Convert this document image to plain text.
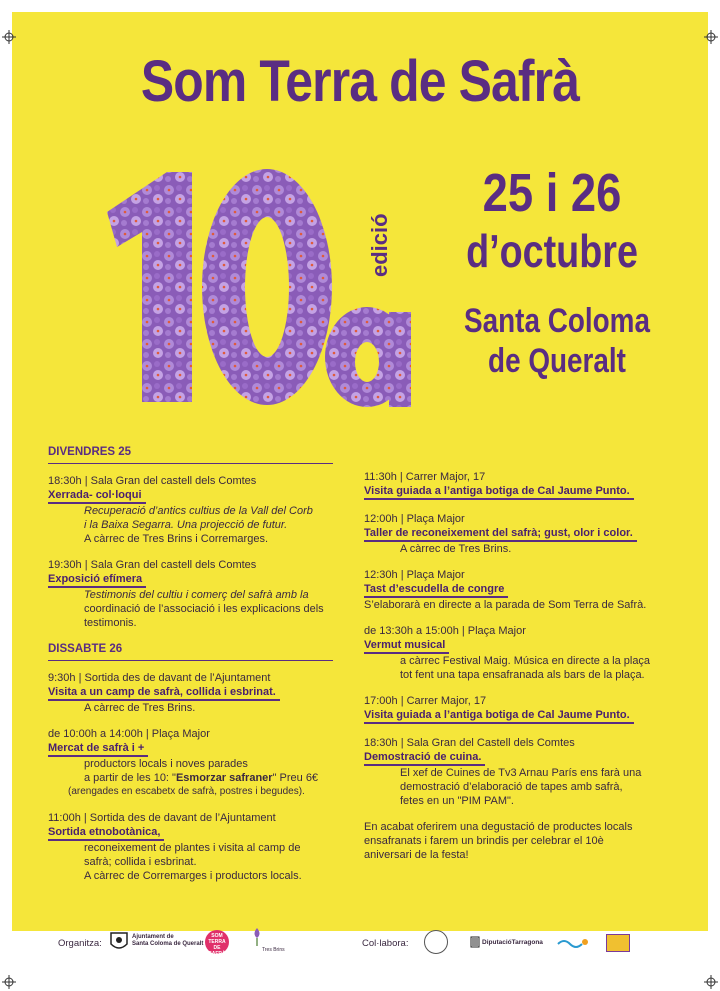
Som Terra de Safrà
edició
25 i 26
d’octubre
Santa Coloma
de Queralt
DIVENDRES 25
18:30h | Sala Gran del castell dels Comtes
Xerrada- col·loqui
Recuperació d’antics cultius de la Vall del Corb
i la Baixa Segarra. Una projecció de futur.
A càrrec de Tres Brins i Corremarges.
19:30h | Sala Gran del castell dels Comtes
Exposició efímera
Testimonis del cultiu i comerç del safrà amb la
coordinació de l’associació i les explicacions dels
testimonis.
DISSABTE 26
9:30h | Sortida des de davant de l’Ajuntament
Visita a un camp de safrà, collida i esbrinat.
A càrrec de Tres Brins.
de 10:00h a 14:00h | Plaça Major
Mercat de safrà i +
productors locals i noves parades
a partir de les 10: "Esmorzar safraner" Preu 6€
(arengades en escabetx de safrà, postres i begudes).
11:00h | Sortida des de davant de l’Ajuntament
Sortida etnobotànica,
reconeixement de plantes i visita al camp de
safrà; collida i esbrinat.
A càrrec de Corremarges i productors locals.
11:30h | Carrer Major, 17
Visita guiada a l’antiga botiga de Cal Jaume Punto.
12:00h | Plaça Major
Taller de reconeixement del safrà; gust, olor i color.
A càrrec de Tres Brins.
12:30h | Plaça Major
Tast d’escudella de congre
S’elaborarà en directe a la parada de Som Terra de Safrà.
de 13:30h a 15:00h | Plaça Major
Vermut musical
a càrrec Festival Maig. Música en directe a la plaça
tot fent una tapa ensafranada als bars de la plaça.
17:00h | Carrer Major, 17
Visita guiada a l’antiga botiga de Cal Jaume Punto.
18:30h | Sala Gran del Castell dels Comtes
Demostració de cuina.
El xef de Cuines de Tv3 Arnau París ens farà una
demostració d’elaboració de tapes amb safrà,
fetes en un "PIM PAM".
En acabat oferirem una degustació de productes locals
ensafranats i farem un brindis per celebrar el 10è
aniversari de la festa!
Organitza:
Ajuntament de
Santa Coloma de Queralt
SOM
TERRA DE
SAFRÀ
Tres Brins
Col·labora:	DiputacióTarragona
